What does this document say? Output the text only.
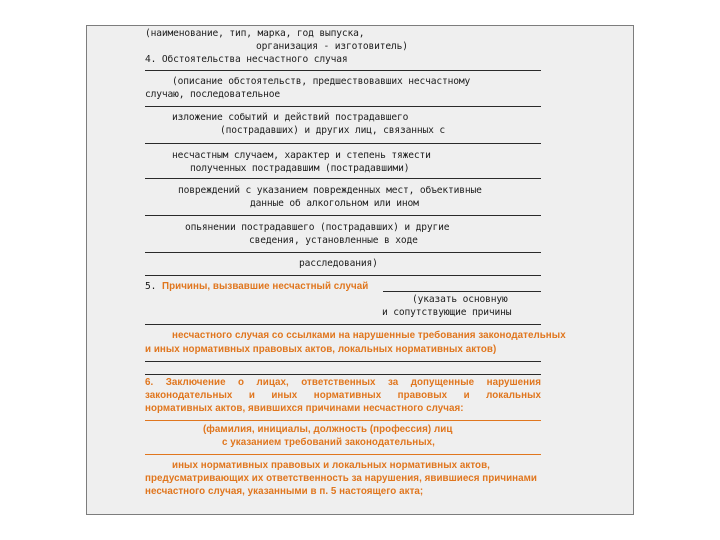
(наименование, тип, марка, год выпуска,
организация - изготовитель)
4. Обстоятельства несчастного случая
(описание обстоятельств, предшествовавших несчастному
случаю, последовательное
изложение событий и действий пострадавшего
(пострадавших) и других лиц, связанных с
несчастным случаем, характер и степень тяжести
полученных пострадавшим (пострадавшими)
повреждений с указанием поврежденных мест, объективные
данные об алкогольном или ином
опьянении пострадавшего (пострадавших) и другие
сведения, установленные в ходе
расследования)
5. Причины, вызвавшие несчастный случай
(указать основную
и сопутствующие причины
несчастного случая со ссылками на нарушенные требования законодательных
и иных нормативных правовых актов, локальных нормативных актов)
6. Заключение о лицах, ответственных за допущенные нарушения
законодательных и иных нормативных правовых и локальных
нормативных актов, явившихся причинами несчастного случая:
(фамилия, инициалы, должность (профессия) лиц
с указанием требований законодательных,
иных нормативных правовых и локальных нормативных актов,
предусматривающих их ответственность за нарушения, явившиеся причинами
несчастного случая, указанными в п. 5 настоящего акта;
